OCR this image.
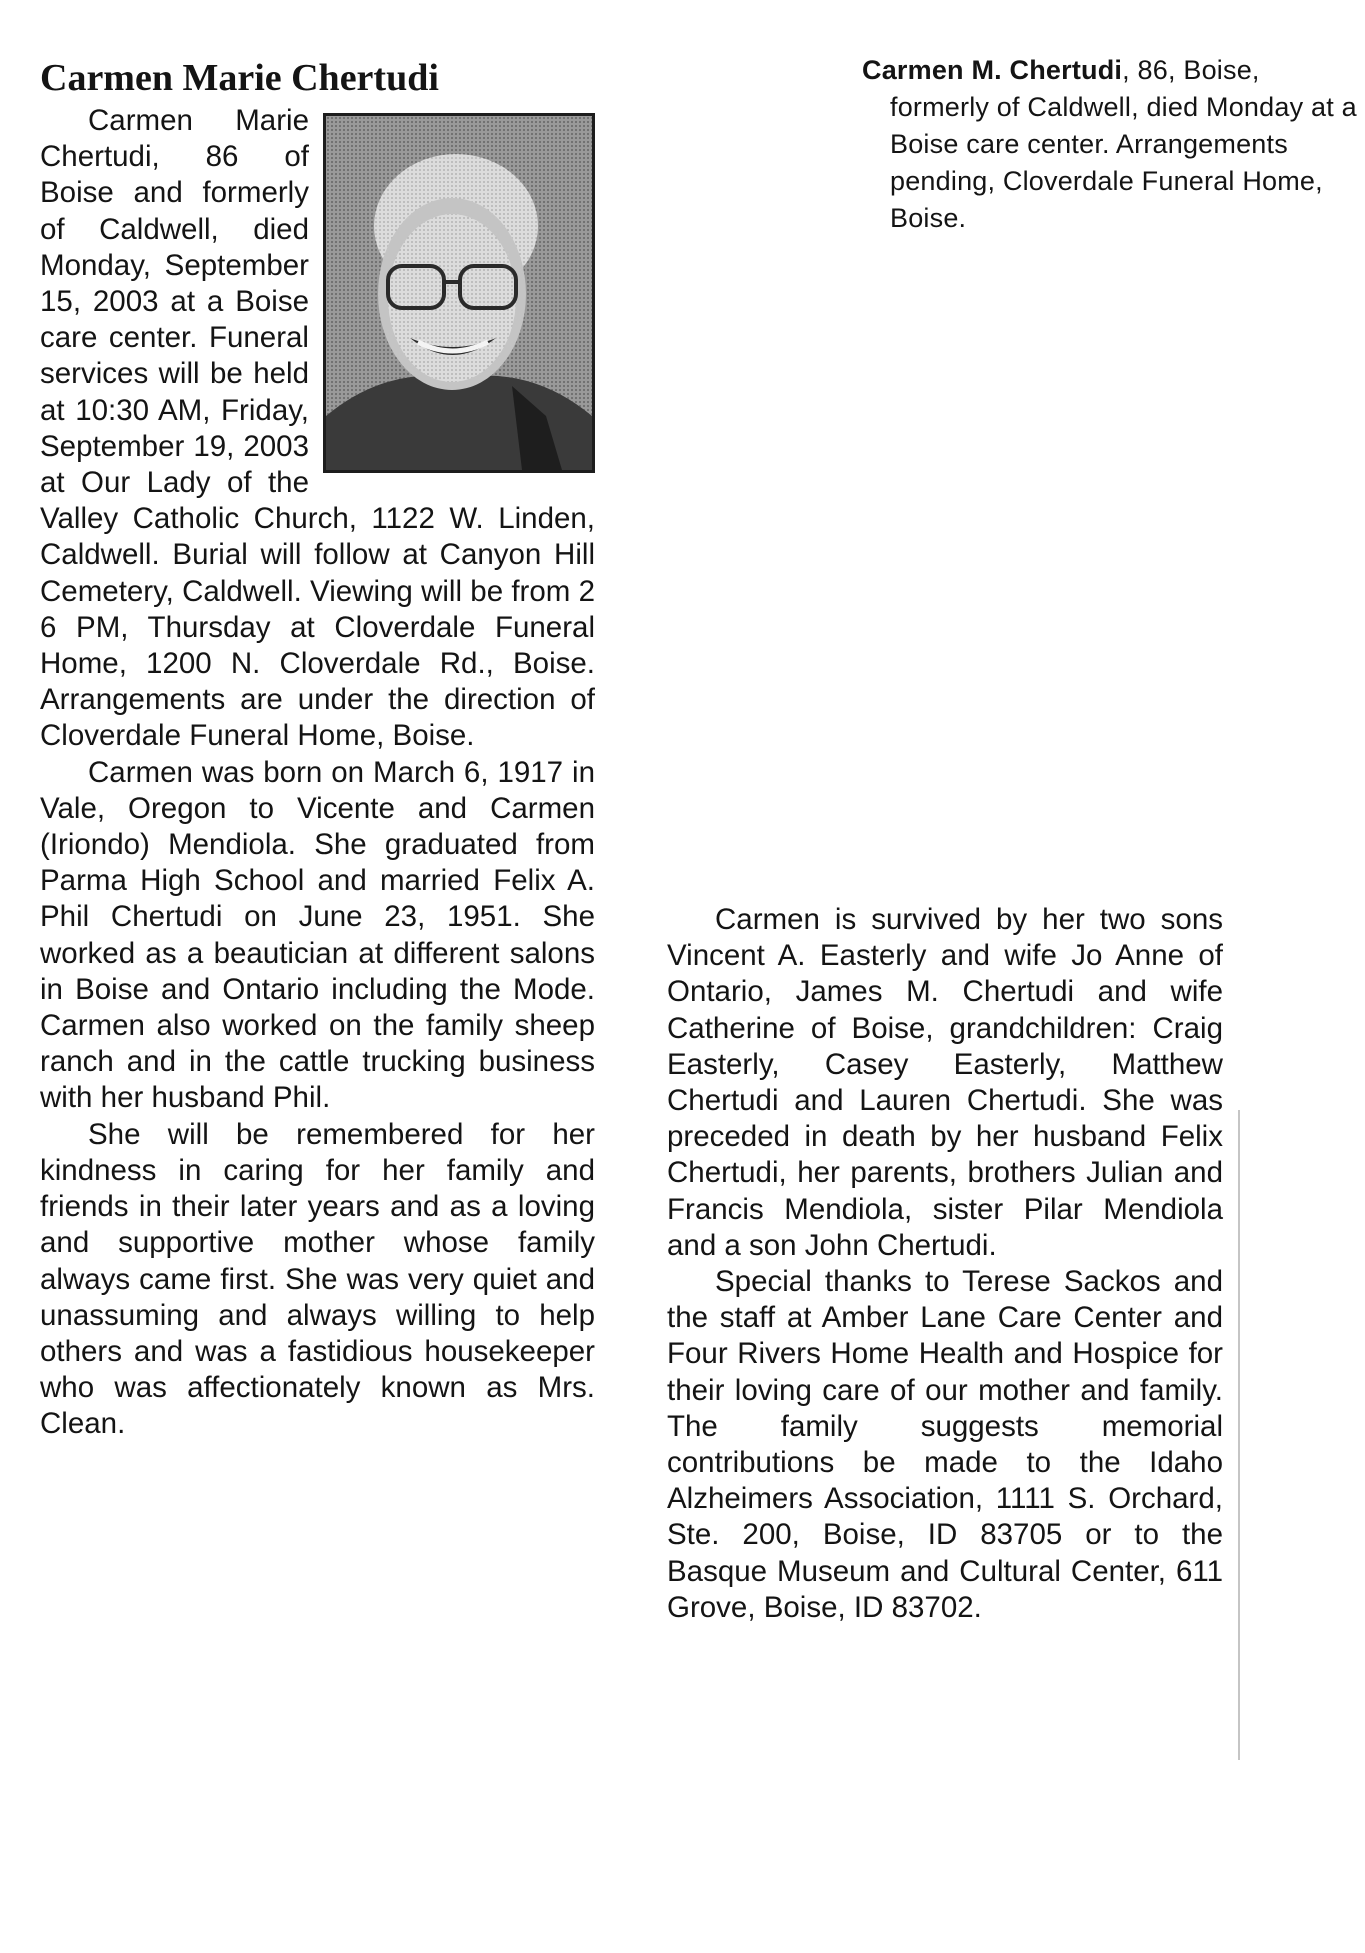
Carmen Marie Chertudi

Carmen Marie Chertudi, 86 of Boise and formerly of Caldwell, died Monday, September 15, 2003 at a Boise care center. Funeral services will be held at 10:30 AM, Friday, September 19, 2003 at Our Lady of the Valley Catholic Church, 1122 W. Linden, Caldwell. Burial will follow at Canyon Hill Cemetery, Caldwell. Viewing will be from 2 6 PM, Thursday at Cloverdale Funeral Home, 1200 N. Cloverdale Rd., Boise. Arrangements are under the direction of Cloverdale Funeral Home, Boise.

Carmen was born on March 6, 1917 in Vale, Oregon to Vicente and Carmen (Iriondo) Mendiola. She graduated from Parma High School and married Felix A. Phil Chertudi on June 23, 1951. She worked as a beautician at different salons in Boise and Ontario including the Mode. Carmen also worked on the family sheep ranch and in the cattle trucking business with her husband Phil.

She will be remembered for her kindness in caring for her family and friends in their later years and as a loving and supportive mother whose family always came first. She was very quiet and unassuming and always willing to help others and was a fastidious housekeeper who was affectionately known as Mrs. Clean.

Carmen M. Chertudi, 86, Boise, formerly of Caldwell, died Monday at a Boise care center. Arrangements pending, Cloverdale Funeral Home, Boise.

Carmen is survived by her two sons Vincent A. Easterly and wife Jo Anne of Ontario, James M. Chertudi and wife Catherine of Boise, grandchildren: Craig Easterly, Casey Easterly, Matthew Chertudi and Lauren Chertudi. She was preceded in death by her husband Felix Chertudi, her parents, brothers Julian and Francis Mendiola, sister Pilar Mendiola and a son John Chertudi.

Special thanks to Terese Sackos and the staff at Amber Lane Care Center and Four Rivers Home Health and Hospice for their loving care of our mother and family. The family suggests memorial contributions be made to the Idaho Alzheimers Association, 1111 S. Orchard, Ste. 200, Boise, ID 83705 or to the Basque Museum and Cultural Center, 611 Grove, Boise, ID 83702.
